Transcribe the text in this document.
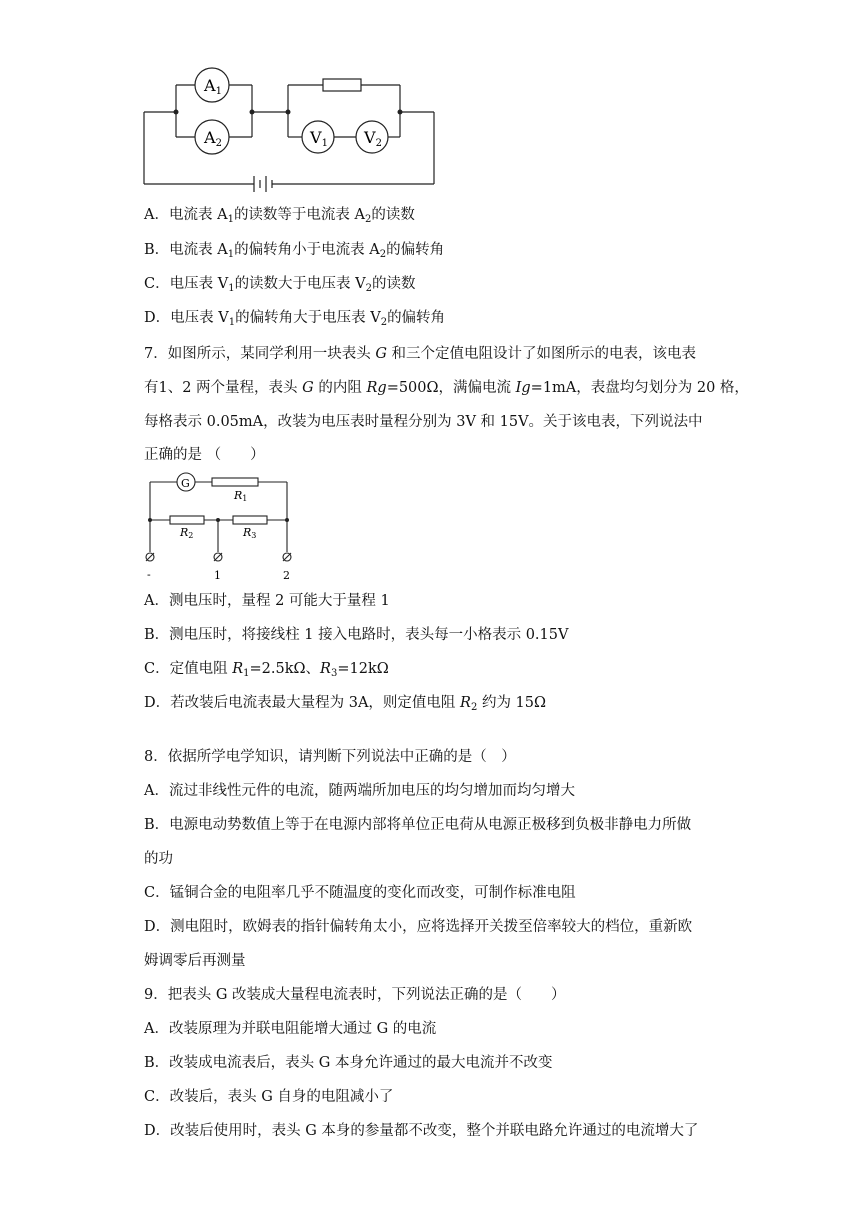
A1
A2	V1 V2
A．电流表 $A_1$的读数等于电流表 $A_2$的读数
B．电流表 $A_1$的偏转角小于电流表 $A_2$的偏转角
C．电压表 $V_1$的读数大于电压表 $V_2$的读数
D．电压表 $V_1$的偏转角大于电压表 $V_2$的偏转角
7．如图所示，某同学利用一块表头 G 和三个定值电阻设计了如图所示的电表，该电表
有1、2 两个量程，表头 G 的内阻 Rg=500Ω，满偏电流 Ig=1mA，表盘均匀划分为 20 格，
每格表示 0.05mA，改装为电压表时量程分别为 3V 和 15V。关于该电表，下列说法中
正确的是 （　　）
G
R1
R2	R3
-	1	2
A．测电压时，量程 2 可能大于量程 1
B．测电压时，将接线柱 1 接入电路时，表头每一小格表示 0.15V
C．定值电阻 $R_1=2.5k\Omega$、$R_3=12k\Omega$
D．若改装后电流表最大量程为 3A，则定值电阻 $R_2$ 约为 15Ω
8．依据所学电学知识，请判断下列说法中正确的是（　）
A．流过非线性元件的电流，随两端所加电压的均匀增加而均匀增大
B．电源电动势数值上等于在电源内部将单位正电荷从电源正极移到负极非静电力所做
的功
C．锰铜合金的电阻率几乎不随温度的变化而改变，可制作标准电阻
D．测电阻时，欧姆表的指针偏转角太小，应将选择开关拨至倍率较大的档位，重新欧
姆调零后再测量
9．把表头 G 改装成大量程电流表时，下列说法正确的是（　　）
A．改装原理为并联电阻能增大通过 G 的电流
B．改装成电流表后，表头 G 本身允许通过的最大电流并不改变
C．改装后，表头 G 自身的电阻减小了
D．改装后使用时，表头 G 本身的参量都不改变，整个并联电路允许通过的电流增大了
